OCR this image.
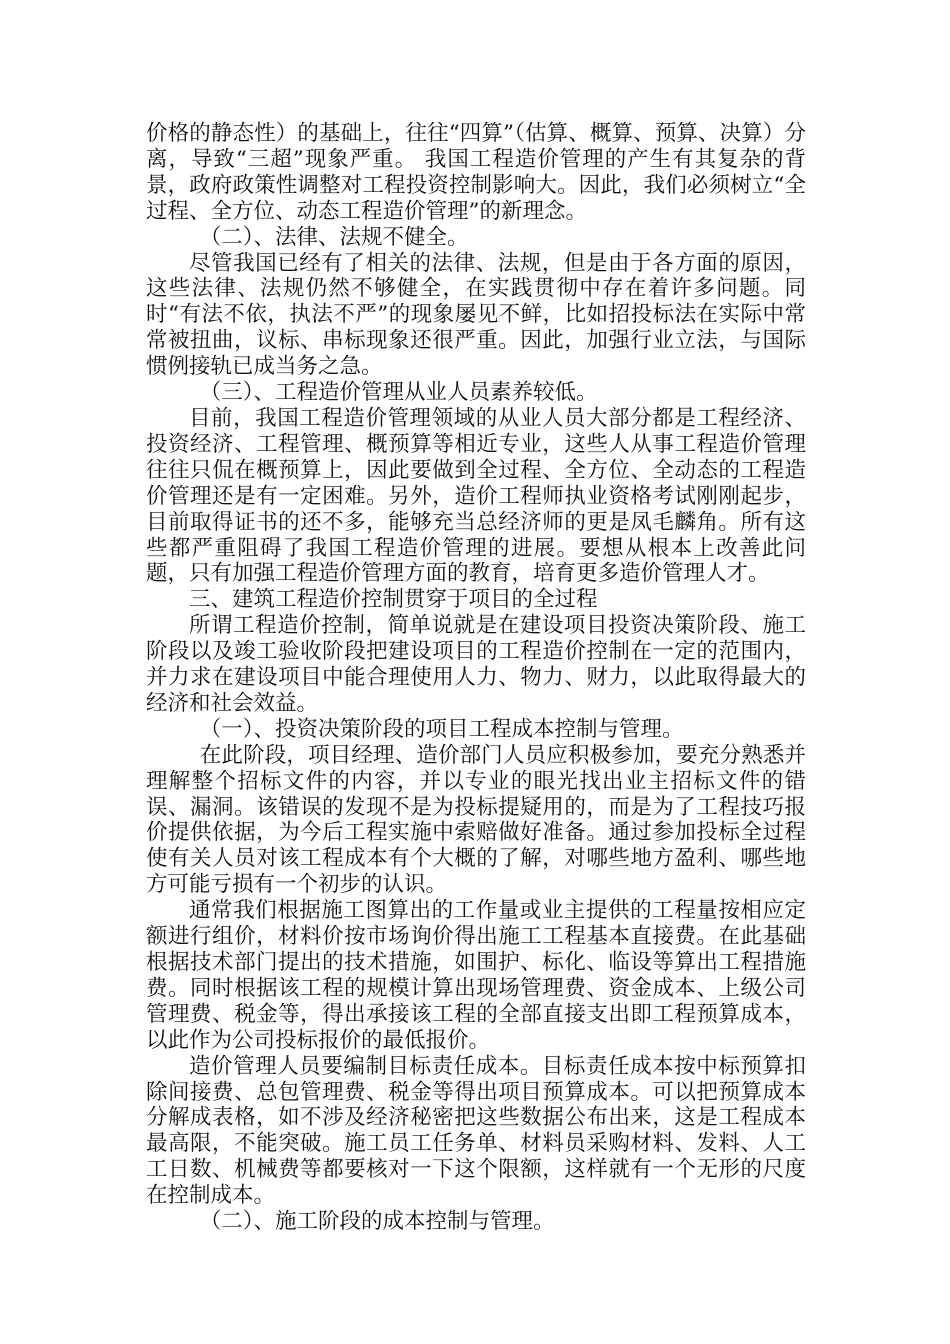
价格的静态性）的基础上，往往“四算”（估算、概算、预算、决算）分离，导致“三超”现象严重。 我国工程造价管理的产生有其复杂的背景，政府政策性调整对工程投资控制影响大。因此，我们必须树立“全过程、全方位、动态工程造价管理”的新理念。

（二）、法律、法规不健全。

尽管我国已经有了相关的法律、法规，但是由于各方面的原因，这些法律、法规仍然不够健全，在实践贯彻中存在着许多问题。同时“有法不依，执法不严”的现象屡见不鲜，比如招投标法在实际中常常被扭曲，议标、串标现象还很严重。因此，加强行业立法，与国际惯例接轨已成当务之急。

（三）、工程造价管理从业人员素养较低。

目前，我国工程造价管理领域的从业人员大部分都是工程经济、投资经济、工程管理、概预算等相近专业，这些人从事工程造价管理往往只侃在概预算上，因此要做到全过程、全方位、全动态的工程造价管理还是有一定困难。另外，造价工程师执业资格考试刚刚起步，目前取得证书的还不多，能够充当总经济师的更是凤毛麟角。所有这些都严重阻碍了我国工程造价管理的进展。要想从根本上改善此问题，只有加强工程造价管理方面的教育，培育更多造价管理人才。

三、建筑工程造价控制贯穿于项目的全过程

所谓工程造价控制，简单说就是在建设项目投资决策阶段、施工阶段以及竣工验收阶段把建设项目的工程造价控制在一定的范围内，并力求在建设项目中能合理使用人力、物力、财力，以此取得最大的经济和社会效益。

（一）、投资决策阶段的项目工程成本控制与管理。

在此阶段，项目经理、造价部门人员应积极参加，要充分熟悉并理解整个招标文件的内容，并以专业的眼光找出业主招标文件的错误、漏洞。该错误的发现不是为投标提疑用的，而是为了工程技巧报价提供依据，为今后工程实施中索赔做好准备。通过参加投标全过程使有关人员对该工程成本有个大概的了解，对哪些地方盈利、哪些地方可能亏损有一个初步的认识。

通常我们根据施工图算出的工作量或业主提供的工程量按相应定额进行组价，材料价按市场询价得出施工工程基本直接费。在此基础根据技术部门提出的技术措施，如围护、标化、临设等算出工程措施费。同时根据该工程的规模计算出现场管理费、资金成本、上级公司管理费、税金等，得出承接该工程的全部直接支出即工程预算成本，以此作为公司投标报价的最低报价。

造价管理人员要编制目标责任成本。目标责任成本按中标预算扣除间接费、总包管理费、税金等得出项目预算成本。可以把预算成本分解成表格，如不涉及经济秘密把这些数据公布出来，这是工程成本最高限，不能突破。施工员工任务单、材料员采购材料、发料、人工工日数、机械费等都要核对一下这个限额，这样就有一个无形的尺度在控制成本。

（二）、施工阶段的成本控制与管理。
